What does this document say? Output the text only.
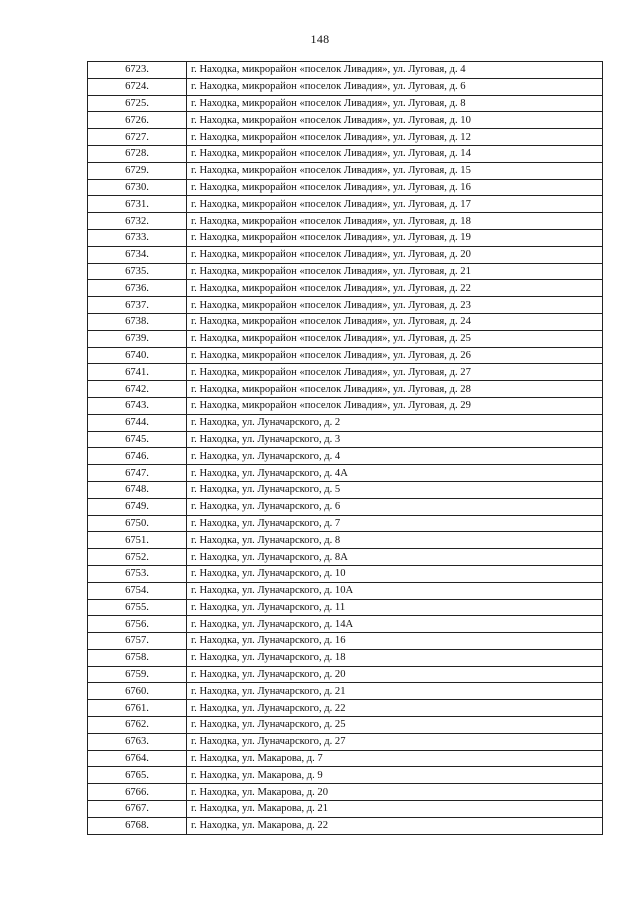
148
6723.	г. Находка, микрорайон «поселок Ливадия», ул. Луговая, д. 4
6724.	г. Находка, микрорайон «поселок Ливадия», ул. Луговая, д. 6
6725.	г. Находка, микрорайон «поселок Ливадия», ул. Луговая, д. 8
6726.	г. Находка, микрорайон «поселок Ливадия», ул. Луговая, д. 10
6727.	г. Находка, микрорайон «поселок Ливадия», ул. Луговая, д. 12
6728.	г. Находка, микрорайон «поселок Ливадия», ул. Луговая, д. 14
6729.	г. Находка, микрорайон «поселок Ливадия», ул. Луговая, д. 15
6730.	г. Находка, микрорайон «поселок Ливадия», ул. Луговая, д. 16
6731.	г. Находка, микрорайон «поселок Ливадия», ул. Луговая, д. 17
6732.	г. Находка, микрорайон «поселок Ливадия», ул. Луговая, д. 18
6733.	г. Находка, микрорайон «поселок Ливадия», ул. Луговая, д. 19
6734.	г. Находка, микрорайон «поселок Ливадия», ул. Луговая, д. 20
6735.	г. Находка, микрорайон «поселок Ливадия», ул. Луговая, д. 21
6736.	г. Находка, микрорайон «поселок Ливадия», ул. Луговая, д. 22
6737.	г. Находка, микрорайон «поселок Ливадия», ул. Луговая, д. 23
6738.	г. Находка, микрорайон «поселок Ливадия», ул. Луговая, д. 24
6739.	г. Находка, микрорайон «поселок Ливадия», ул. Луговая, д. 25
6740.	г. Находка, микрорайон «поселок Ливадия», ул. Луговая, д. 26
6741.	г. Находка, микрорайон «поселок Ливадия», ул. Луговая, д. 27
6742.	г. Находка, микрорайон «поселок Ливадия», ул. Луговая, д. 28
6743.	г. Находка, микрорайон «поселок Ливадия», ул. Луговая, д. 29
6744.	г. Находка, ул. Луначарского, д. 2
6745.	г. Находка, ул. Луначарского, д. 3
6746.	г. Находка, ул. Луначарского, д. 4
6747.	г. Находка, ул. Луначарского, д. 4А
6748.	г. Находка, ул. Луначарского, д. 5
6749.	г. Находка, ул. Луначарского, д. 6
6750.	г. Находка, ул. Луначарского, д. 7
6751.	г. Находка, ул. Луначарского, д. 8
6752.	г. Находка, ул. Луначарского, д. 8А
6753.	г. Находка, ул. Луначарского, д. 10
6754.	г. Находка, ул. Луначарского, д. 10А
6755.	г. Находка, ул. Луначарского, д. 11
6756.	г. Находка, ул. Луначарского, д. 14А
6757.	г. Находка, ул. Луначарского, д. 16
6758.	г. Находка, ул. Луначарского, д. 18
6759.	г. Находка, ул. Луначарского, д. 20
6760.	г. Находка, ул. Луначарского, д. 21
6761.	г. Находка, ул. Луначарского, д. 22
6762.	г. Находка, ул. Луначарского, д. 25
6763.	г. Находка, ул. Луначарского, д. 27
6764.	г. Находка, ул. Макарова, д. 7
6765.	г. Находка, ул. Макарова, д. 9
6766.	г. Находка, ул. Макарова, д. 20
6767.	г. Находка, ул. Макарова, д. 21
6768.	г. Находка, ул. Макарова, д. 22
